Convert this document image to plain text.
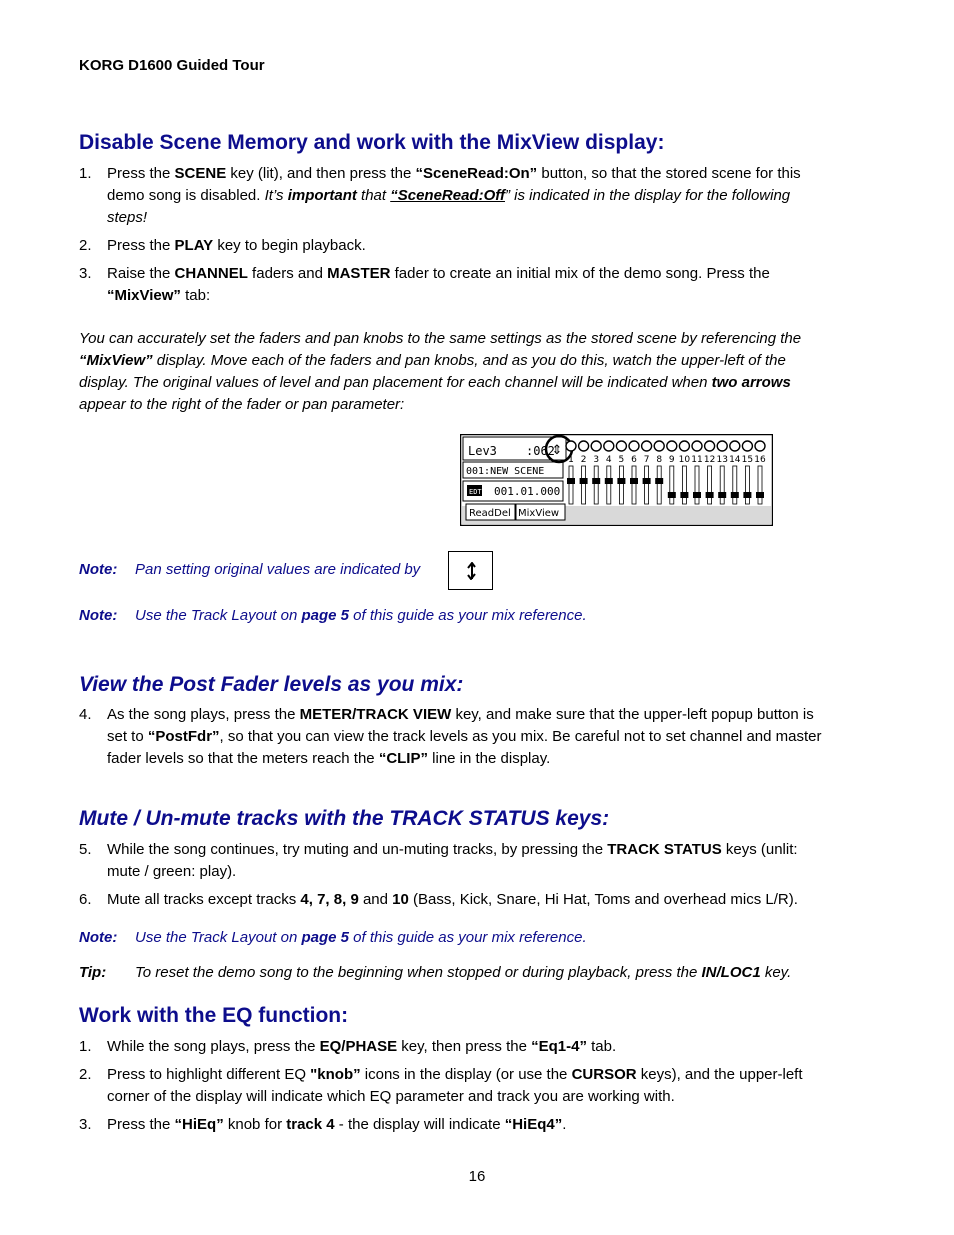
KORG D1600 Guided Tour
Disable Scene Memory and work with the MixView display:
1.	Press the SCENE key (lit), and then press the “SceneRead:On” button, so that the stored scene for this demo song is disabled. It’s important that “SceneRead:Off” is indicated in the display for the following steps!
2.	Press the PLAY key to begin playback.
3.	Raise the CHANNEL faders and MASTER fader to create an initial mix of the demo song. Press the “MixView” tab:
You can accurately set the faders and pan knobs to the same settings as the stored scene by referencing the “MixView” display. Move each of the faders and pan knobs, and as you do this, watch the upper-left of the display. The original values of level and pan placement for each channel will be indicated when two arrows appear to the right of the fader or pan parameter:
Lev3 :062
001:NEW SCENE
EDT 001.01.000
ReadDel MixView
1 2 3 4 5 6 7 8 9 10 11 12 13 14 15 16
⇕
Note: Pan setting original values are indicated by
Note: Use the Track Layout on page 5 of this guide as your mix reference.
View the Post Fader levels as you mix:
4.	As the song plays, press the METER/TRACK VIEW key, and make sure that the upper-left popup button is set to “PostFdr”, so that you can view the track levels as you mix. Be careful not to set channel and master fader levels so that the meters reach the “CLIP” line in the display.
Mute / Un-mute tracks with the TRACK STATUS keys:
5.	While the song continues, try muting and un-muting tracks, by pressing the TRACK STATUS keys (unlit: mute / green: play).
6.	Mute all tracks except tracks 4, 7, 8, 9 and 10 (Bass, Kick, Snare, Hi Hat, Toms and overhead mics L/R).
Note: Use the Track Layout on page 5 of this guide as your mix reference.
Tip: To reset the demo song to the beginning when stopped or during playback, press the IN/LOC1 key.
Work with the EQ function:
1.	While the song plays, press the EQ/PHASE key, then press the “Eq1-4” tab.
2.	Press to highlight different EQ "knob” icons in the display (or use the CURSOR keys), and the upper-left corner of the display will indicate which EQ parameter and track you are working with.
3.	Press the “HiEq” knob for track 4 - the display will indicate “HiEq4”.
16
